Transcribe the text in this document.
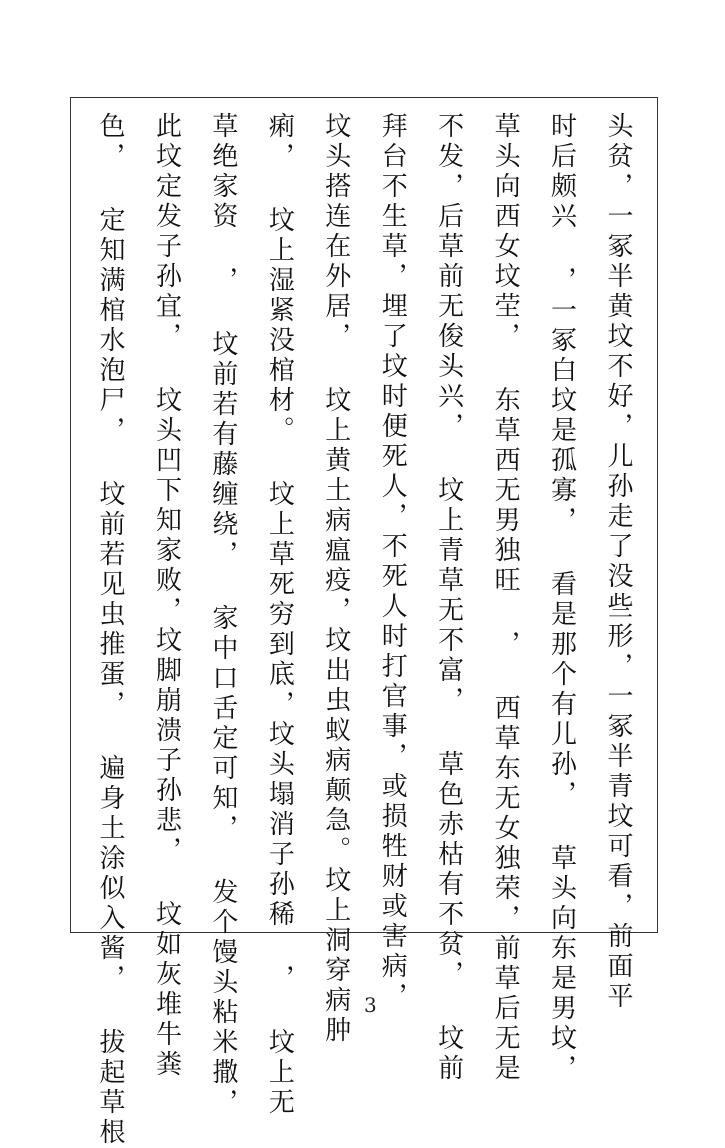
头贫，一冢半黄坟不好，儿孙走了没些形，一冢半青坟可看，前面平
时后颇兴 ，一冢白坟是孤寡， 看是那个有儿孙， 草头向东是男坟，
草头向西女坟茔， 东草西无男独旺 ， 西草东无女独荣，前草后无是
不发，后草前无俊头兴， 坟上青草无不富， 草色赤枯有不贫， 坟前
拜台不生草，埋了坟时便死人，不死人时打官事，或损牲财或害病，
坟头搭连在外居， 坟上黄土病瘟疫，坟出虫蚁病颠急。坟上洞穿病肿
痢， 坟上湿紧没棺材。 坟上草死穷到底，坟头塌消子孙稀 ， 坟上无
草绝家资 ， 坟前若有藤缠绕， 家中口舌定可知， 发个馒头粘米撒，
此坟定发子孙宜， 坟头凹下知家败，坟脚崩溃子孙悲， 坟如灰堆牛粪
色， 定知满棺水泡尸， 坟前若见虫推蛋， 遍身土涂似入酱， 拔起草根	3
